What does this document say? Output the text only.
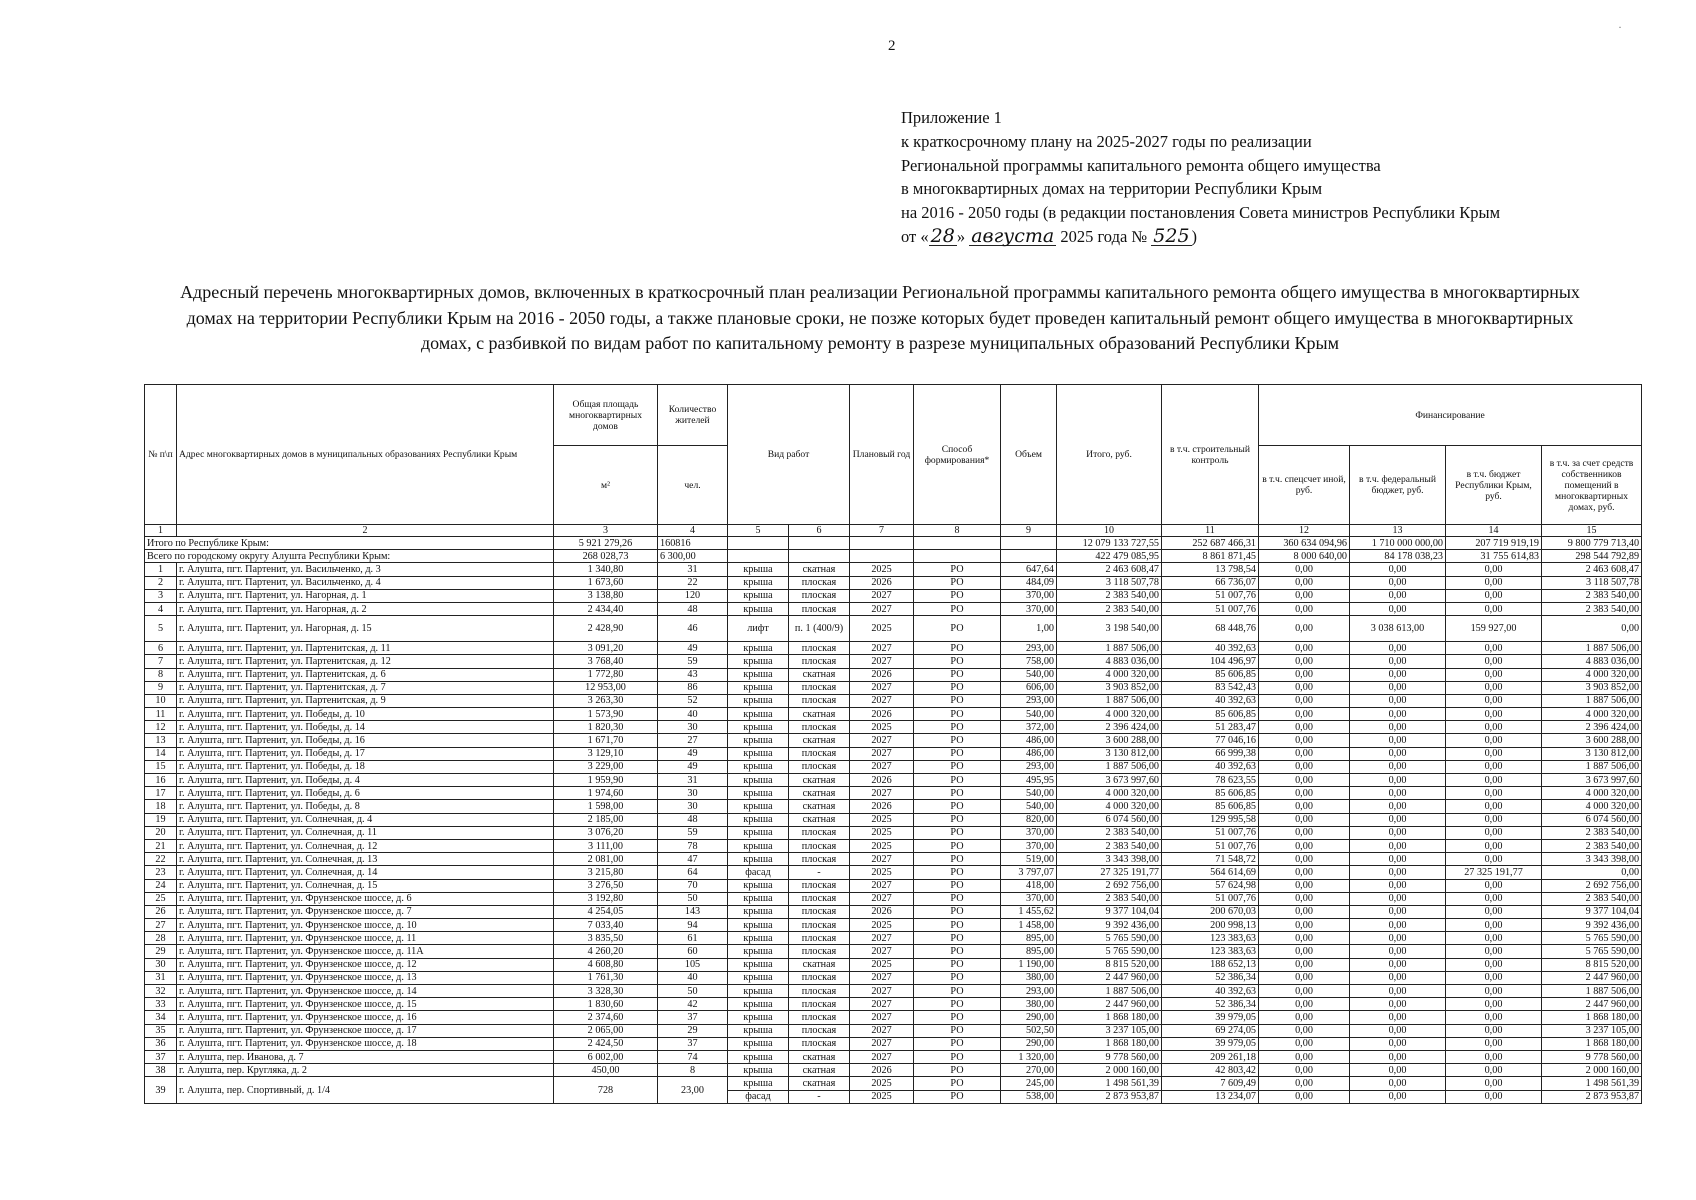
2
·
Приложение 1
к краткосрочному плану на 2025-2027 годы по реализации
Региональной программы капитального ремонта общего имущества
в многоквартирных домах на территории Республики Крым
на 2016 - 2050 годы (в редакции постановления Совета министров Республики Крым
от « 28 » августа 2025 года № 525 )
Адресный перечень многоквартирных домов, включенных в краткосрочный план реализации Региональной программы капитального ремонта общего имущества в многоквартирных домах на территории Республики Крым на 2016 - 2050 годы, а также плановые сроки, не позже которых будет проведен капитальный ремонт общего имущества в многоквартирных домах, с разбивкой по видам работ по капитальному ремонту в разрезе муниципальных образований Республики Крым
№ п\п	Адрес многоквартирных домов в муниципальных образованиях Республики Крым	Общая площадь многоквартирных домов	Количество жителей	Вид работ		Плановый год	Способ формирования*	Объем	Итого, руб.	в т.ч. строительный контроль	Финансирование			
		м²	чел.								в т.ч. спецсчет иной, руб.	в т.ч. федеральный бюджет, руб.	в т.ч. бюджет Республики Крым, руб.	в т.ч. за счет средств собственников помещений в многоквартирных домах, руб.
1	2	3	4	5	6	7	8	9	10	11	12	13	14	15
Итого по Республике Крым:		5 921 279,26	160816						12 079 133 727,55	252 687 466,31	360 634 094,96	1 710 000 000,00	207 719 919,19	9 800 779 713,40
Всего по городскому округу Алушта Республики Крым:		268 028,73	6 300,00						422 479 085,95	8 861 871,45	8 000 640,00	84 178 038,23	31 755 614,83	298 544 792,89
1	г. Алушта, пгт. Партенит, ул. Васильченко, д. 3	1 340,80	31	крыша	скатная	2025	РО	647,64	2 463 608,47	13 798,54	0,00	0,00	0,00	2 463 608,47
2	г. Алушта, пгт. Партенит, ул. Васильченко, д. 4	1 673,60	22	крыша	плоская	2026	РО	484,09	3 118 507,78	66 736,07	0,00	0,00	0,00	3 118 507,78
3	г. Алушта, пгт. Партенит, ул. Нагорная, д. 1	3 138,80	120	крыша	плоская	2027	РО	370,00	2 383 540,00	51 007,76	0,00	0,00	0,00	2 383 540,00
4	г. Алушта, пгт. Партенит, ул. Нагорная, д. 2	2 434,40	48	крыша	плоская	2027	РО	370,00	2 383 540,00	51 007,76	0,00	0,00	0,00	2 383 540,00
5	г. Алушта, пгт. Партенит, ул. Нагорная, д. 15	2 428,90	46	лифт	п. 1 (400/9)	2025	РО	1,00	3 198 540,00	68 448,76	0,00	3 038 613,00	159 927,00	0,00
6	г. Алушта, пгт. Партенит, ул. Партенитская, д. 11	3 091,20	49	крыша	плоская	2027	РО	293,00	1 887 506,00	40 392,63	0,00	0,00	0,00	1 887 506,00
7	г. Алушта, пгт. Партенит, ул. Партенитская, д. 12	3 768,40	59	крыша	плоская	2027	РО	758,00	4 883 036,00	104 496,97	0,00	0,00	0,00	4 883 036,00
8	г. Алушта, пгт. Партенит, ул. Партенитская, д. 6	1 772,80	43	крыша	скатная	2026	РО	540,00	4 000 320,00	85 606,85	0,00	0,00	0,00	4 000 320,00
9	г. Алушта, пгт. Партенит, ул. Партенитская, д. 7	12 953,00	86	крыша	плоская	2027	РО	606,00	3 903 852,00	83 542,43	0,00	0,00	0,00	3 903 852,00
10	г. Алушта, пгт. Партенит, ул. Партенитская, д. 9	3 263,30	52	крыша	плоская	2027	РО	293,00	1 887 506,00	40 392,63	0,00	0,00	0,00	1 887 506,00
11	г. Алушта, пгт. Партенит, ул. Победы, д. 10	1 573,90	40	крыша	скатная	2026	РО	540,00	4 000 320,00	85 606,85	0,00	0,00	0,00	4 000 320,00
12	г. Алушта, пгт. Партенит, ул. Победы, д. 14	1 820,30	30	крыша	плоская	2025	РО	372,00	2 396 424,00	51 283,47	0,00	0,00	0,00	2 396 424,00
13	г. Алушта, пгт. Партенит, ул. Победы, д. 16	1 671,70	27	крыша	скатная	2027	РО	486,00	3 600 288,00	77 046,16	0,00	0,00	0,00	3 600 288,00
14	г. Алушта, пгт. Партенит, ул. Победы, д. 17	3 129,10	49	крыша	плоская	2027	РО	486,00	3 130 812,00	66 999,38	0,00	0,00	0,00	3 130 812,00
15	г. Алушта, пгт. Партенит, ул. Победы, д. 18	3 229,00	49	крыша	плоская	2027	РО	293,00	1 887 506,00	40 392,63	0,00	0,00	0,00	1 887 506,00
16	г. Алушта, пгт. Партенит, ул. Победы, д. 4	1 959,90	31	крыша	скатная	2026	РО	495,95	3 673 997,60	78 623,55	0,00	0,00	0,00	3 673 997,60
17	г. Алушта, пгт. Партенит, ул. Победы, д. 6	1 974,60	30	крыша	скатная	2027	РО	540,00	4 000 320,00	85 606,85	0,00	0,00	0,00	4 000 320,00
18	г. Алушта, пгт. Партенит, ул. Победы, д. 8	1 598,00	30	крыша	скатная	2026	РО	540,00	4 000 320,00	85 606,85	0,00	0,00	0,00	4 000 320,00
19	г. Алушта, пгт. Партенит, ул. Солнечная, д. 4	2 185,00	48	крыша	скатная	2025	РО	820,00	6 074 560,00	129 995,58	0,00	0,00	0,00	6 074 560,00
20	г. Алушта, пгт. Партенит, ул. Солнечная, д. 11	3 076,20	59	крыша	плоская	2025	РО	370,00	2 383 540,00	51 007,76	0,00	0,00	0,00	2 383 540,00
21	г. Алушта, пгт. Партенит, ул. Солнечная, д. 12	3 111,00	78	крыша	плоская	2025	РО	370,00	2 383 540,00	51 007,76	0,00	0,00	0,00	2 383 540,00
22	г. Алушта, пгт. Партенит, ул. Солнечная, д. 13	2 081,00	47	крыша	плоская	2027	РО	519,00	3 343 398,00	71 548,72	0,00	0,00	0,00	3 343 398,00
23	г. Алушта, пгт. Партенит, ул. Солнечная, д. 14	3 215,80	64	фасад	-	2025	РО	3 797,07	27 325 191,77	564 614,69	0,00	0,00	27 325 191,77	0,00
24	г. Алушта, пгт. Партенит, ул. Солнечная, д. 15	3 276,50	70	крыша	плоская	2027	РО	418,00	2 692 756,00	57 624,98	0,00	0,00	0,00	2 692 756,00
25	г. Алушта, пгт. Партенит, ул. Фрунзенское шоссе, д. 6	3 192,80	50	крыша	плоская	2027	РО	370,00	2 383 540,00	51 007,76	0,00	0,00	0,00	2 383 540,00
26	г. Алушта, пгт. Партенит, ул. Фрунзенское шоссе, д. 7	4 254,05	143	крыша	плоская	2026	РО	1 455,62	9 377 104,04	200 670,03	0,00	0,00	0,00	9 377 104,04
27	г. Алушта, пгт. Партенит, ул. Фрунзенское шоссе, д. 10	7 033,40	94	крыша	плоская	2025	РО	1 458,00	9 392 436,00	200 998,13	0,00	0,00	0,00	9 392 436,00
28	г. Алушта, пгт. Партенит, ул. Фрунзенское шоссе, д. 11	3 835,50	61	крыша	плоская	2027	РО	895,00	5 765 590,00	123 383,63	0,00	0,00	0,00	5 765 590,00
29	г. Алушта, пгт. Партенит, ул. Фрунзенское шоссе, д. 11А	4 260,20	60	крыша	плоская	2027	РО	895,00	5 765 590,00	123 383,63	0,00	0,00	0,00	5 765 590,00
30	г. Алушта, пгт. Партенит, ул. Фрунзенское шоссе, д. 12	4 608,80	105	крыша	скатная	2025	РО	1 190,00	8 815 520,00	188 652,13	0,00	0,00	0,00	8 815 520,00
31	г. Алушта, пгт. Партенит, ул. Фрунзенское шоссе, д. 13	1 761,30	40	крыша	плоская	2027	РО	380,00	2 447 960,00	52 386,34	0,00	0,00	0,00	2 447 960,00
32	г. Алушта, пгт. Партенит, ул. Фрунзенское шоссе, д. 14	3 328,30	50	крыша	плоская	2027	РО	293,00	1 887 506,00	40 392,63	0,00	0,00	0,00	1 887 506,00
33	г. Алушта, пгт. Партенит, ул. Фрунзенское шоссе, д. 15	1 830,60	42	крыша	плоская	2027	РО	380,00	2 447 960,00	52 386,34	0,00	0,00	0,00	2 447 960,00
34	г. Алушта, пгт. Партенит, ул. Фрунзенское шоссе, д. 16	2 374,60	37	крыша	плоская	2027	РО	290,00	1 868 180,00	39 979,05	0,00	0,00	0,00	1 868 180,00
35	г. Алушта, пгт. Партенит, ул. Фрунзенское шоссе, д. 17	2 065,00	29	крыша	плоская	2027	РО	502,50	3 237 105,00	69 274,05	0,00	0,00	0,00	3 237 105,00
36	г. Алушта, пгт. Партенит, ул. Фрунзенское шоссе, д. 18	2 424,50	37	крыша	плоская	2027	РО	290,00	1 868 180,00	39 979,05	0,00	0,00	0,00	1 868 180,00
37	г. Алушта, пер. Иванова, д. 7	6 002,00	74	крыша	скатная	2027	РО	1 320,00	9 778 560,00	209 261,18	0,00	0,00	0,00	9 778 560,00
38	г. Алушта, пер. Кругляка, д. 2	450,00	8	крыша	скатная	2026	РО	270,00	2 000 160,00	42 803,42	0,00	0,00	0,00	2 000 160,00
39	г. Алушта, пер. Спортивный, д. 1/4	728	23,00	крыша	скатная	2025	РО	245,00	1 498 561,39	7 609,49	0,00	0,00	0,00	1 498 561,39
				фасад	-	2025	РО	538,00	2 873 953,87	13 234,07	0,00	0,00	0,00	2 873 953,87
